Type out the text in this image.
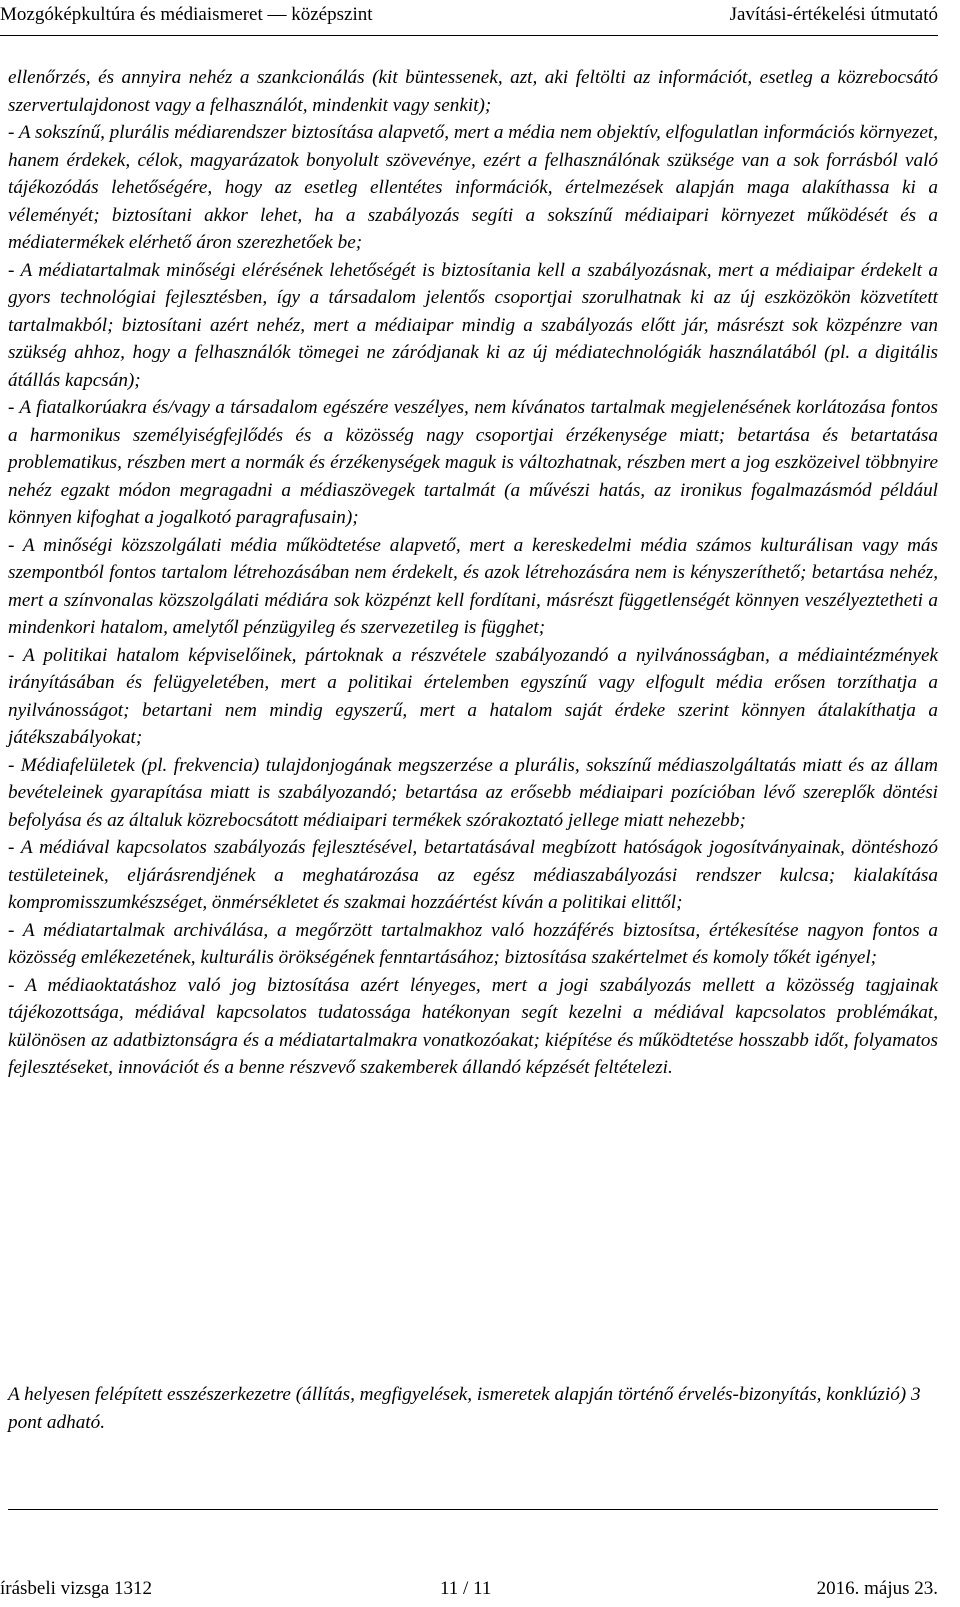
Mozgóképkultúra és médiaismeret — középszint	Javítási-értékelési útmutató

ellenőrzés, és annyira nehéz a szankcionálás (kit büntessenek, azt, aki feltölti az információt, esetleg a közrebocsátó szervertulajdonost vagy a felhasználót, mindenkit vagy senkit);
- A sokszínű, plurális médiarendszer biztosítása alapvető, mert a média nem objektív, elfogulatlan információs környezet, hanem érdekek, célok, magyarázatok bonyolult szövevénye, ezért a felhasználónak szüksége van a sok forrásból való tájékozódás lehetőségére, hogy az esetleg ellentétes információk, értelmezések alapján maga alakíthassa ki a véleményét; biztosítani akkor lehet, ha a szabályozás segíti a sokszínű médiaipari környezet működését és a médiatermékek elérhető áron szerezhetőek be;
- A médiatartalmak minőségi elérésének lehetőségét is biztosítania kell a szabályozásnak, mert a médiaipar érdekelt a gyors technológiai fejlesztésben, így a társadalom jelentős csoportjai szorulhatnak ki az új eszközökön közvetített tartalmakból; biztosítani azért nehéz, mert a médiaipar mindig a szabályozás előtt jár, másrészt sok közpénzre van szükség ahhoz, hogy a felhasználók tömegei ne záródjanak ki az új médiatechnológiák használatából (pl. a digitális átállás kapcsán);
- A fiatalkorúakra és/vagy a társadalom egészére veszélyes, nem kívánatos tartalmak megjelenésének korlátozása fontos a harmonikus személyiségfejlődés és a közösség nagy csoportjai érzékenysége miatt; betartása és betartatása problematikus, részben mert a normák és érzékenységek maguk is változhatnak, részben mert a jog eszközeivel többnyire nehéz egzakt módon megragadni a médiaszövegek tartalmát (a művészi hatás, az ironikus fogalmazásmód például könnyen kifoghat a jogalkotó paragrafusain);
- A minőségi közszolgálati média működtetése alapvető, mert a kereskedelmi média számos kulturálisan vagy más szempontból fontos tartalom létrehozásában nem érdekelt, és azok létrehozására nem is kényszeríthető; betartása nehéz, mert a színvonalas közszolgálati médiára sok közpénzt kell fordítani, másrészt függetlenségét könnyen veszélyeztetheti a mindenkori hatalom, amelytől pénzügyileg és szervezetileg is függhet;
- A politikai hatalom képviselőinek, pártoknak a részvétele szabályozandó a nyilvánosságban, a médiaintézmények irányításában és felügyeletében, mert a politikai értelemben egyszínű vagy elfogult média erősen torzíthatja a nyilvánosságot; betartani nem mindig egyszerű, mert a hatalom saját érdeke szerint könnyen átalakíthatja a játékszabályokat;
- Médiafelületek (pl. frekvencia) tulajdonjogának megszerzése a plurális, sokszínű médiaszolgáltatás miatt és az állam bevételeinek gyarapítása miatt is szabályozandó; betartása az erősebb médiaipari pozícióban lévő szereplők döntési befolyása és az általuk közrebocsátott médiaipari termékek szórakoztató jellege miatt nehezebb;
- A médiával kapcsolatos szabályozás fejlesztésével, betartatásával megbízott hatóságok jogosítványainak, döntéshozó testületeinek, eljárásrendjének a meghatározása az egész médiaszabályozási rendszer kulcsa; kialakítása kompromisszumkészséget, önmérsékletet és szakmai hozzáértést kíván a politikai elittől;
- A médiatartalmak archiválása, a megőrzött tartalmakhoz való hozzáférés biztosítsa, értékesítése nagyon fontos a közösség emlékezetének, kulturális örökségének fenntartásához; biztosítása szakértelmet és komoly tőkét igényel;
- A médiaoktatáshoz való jog biztosítása azért lényeges, mert a jogi szabályozás mellett a közösség tagjainak tájékozottsága, médiával kapcsolatos tudatossága hatékonyan segít kezelni a médiával kapcsolatos problémákat, különösen az adatbiztonságra és a médiatartalmakra vonatkozóakat; kiépítése és működtetése hosszabb időt, folyamatos fejlesztéseket, innovációt és a benne részvevő szakemberek állandó képzését feltételezi.

A helyesen felépített esszészerkezetre (állítás, megfigyelések, ismeretek alapján történő érvelés-bizonyítás, konklúzió) 3 pont adható.

írásbeli vizsga 1312	11 / 11	2016. május 23.
